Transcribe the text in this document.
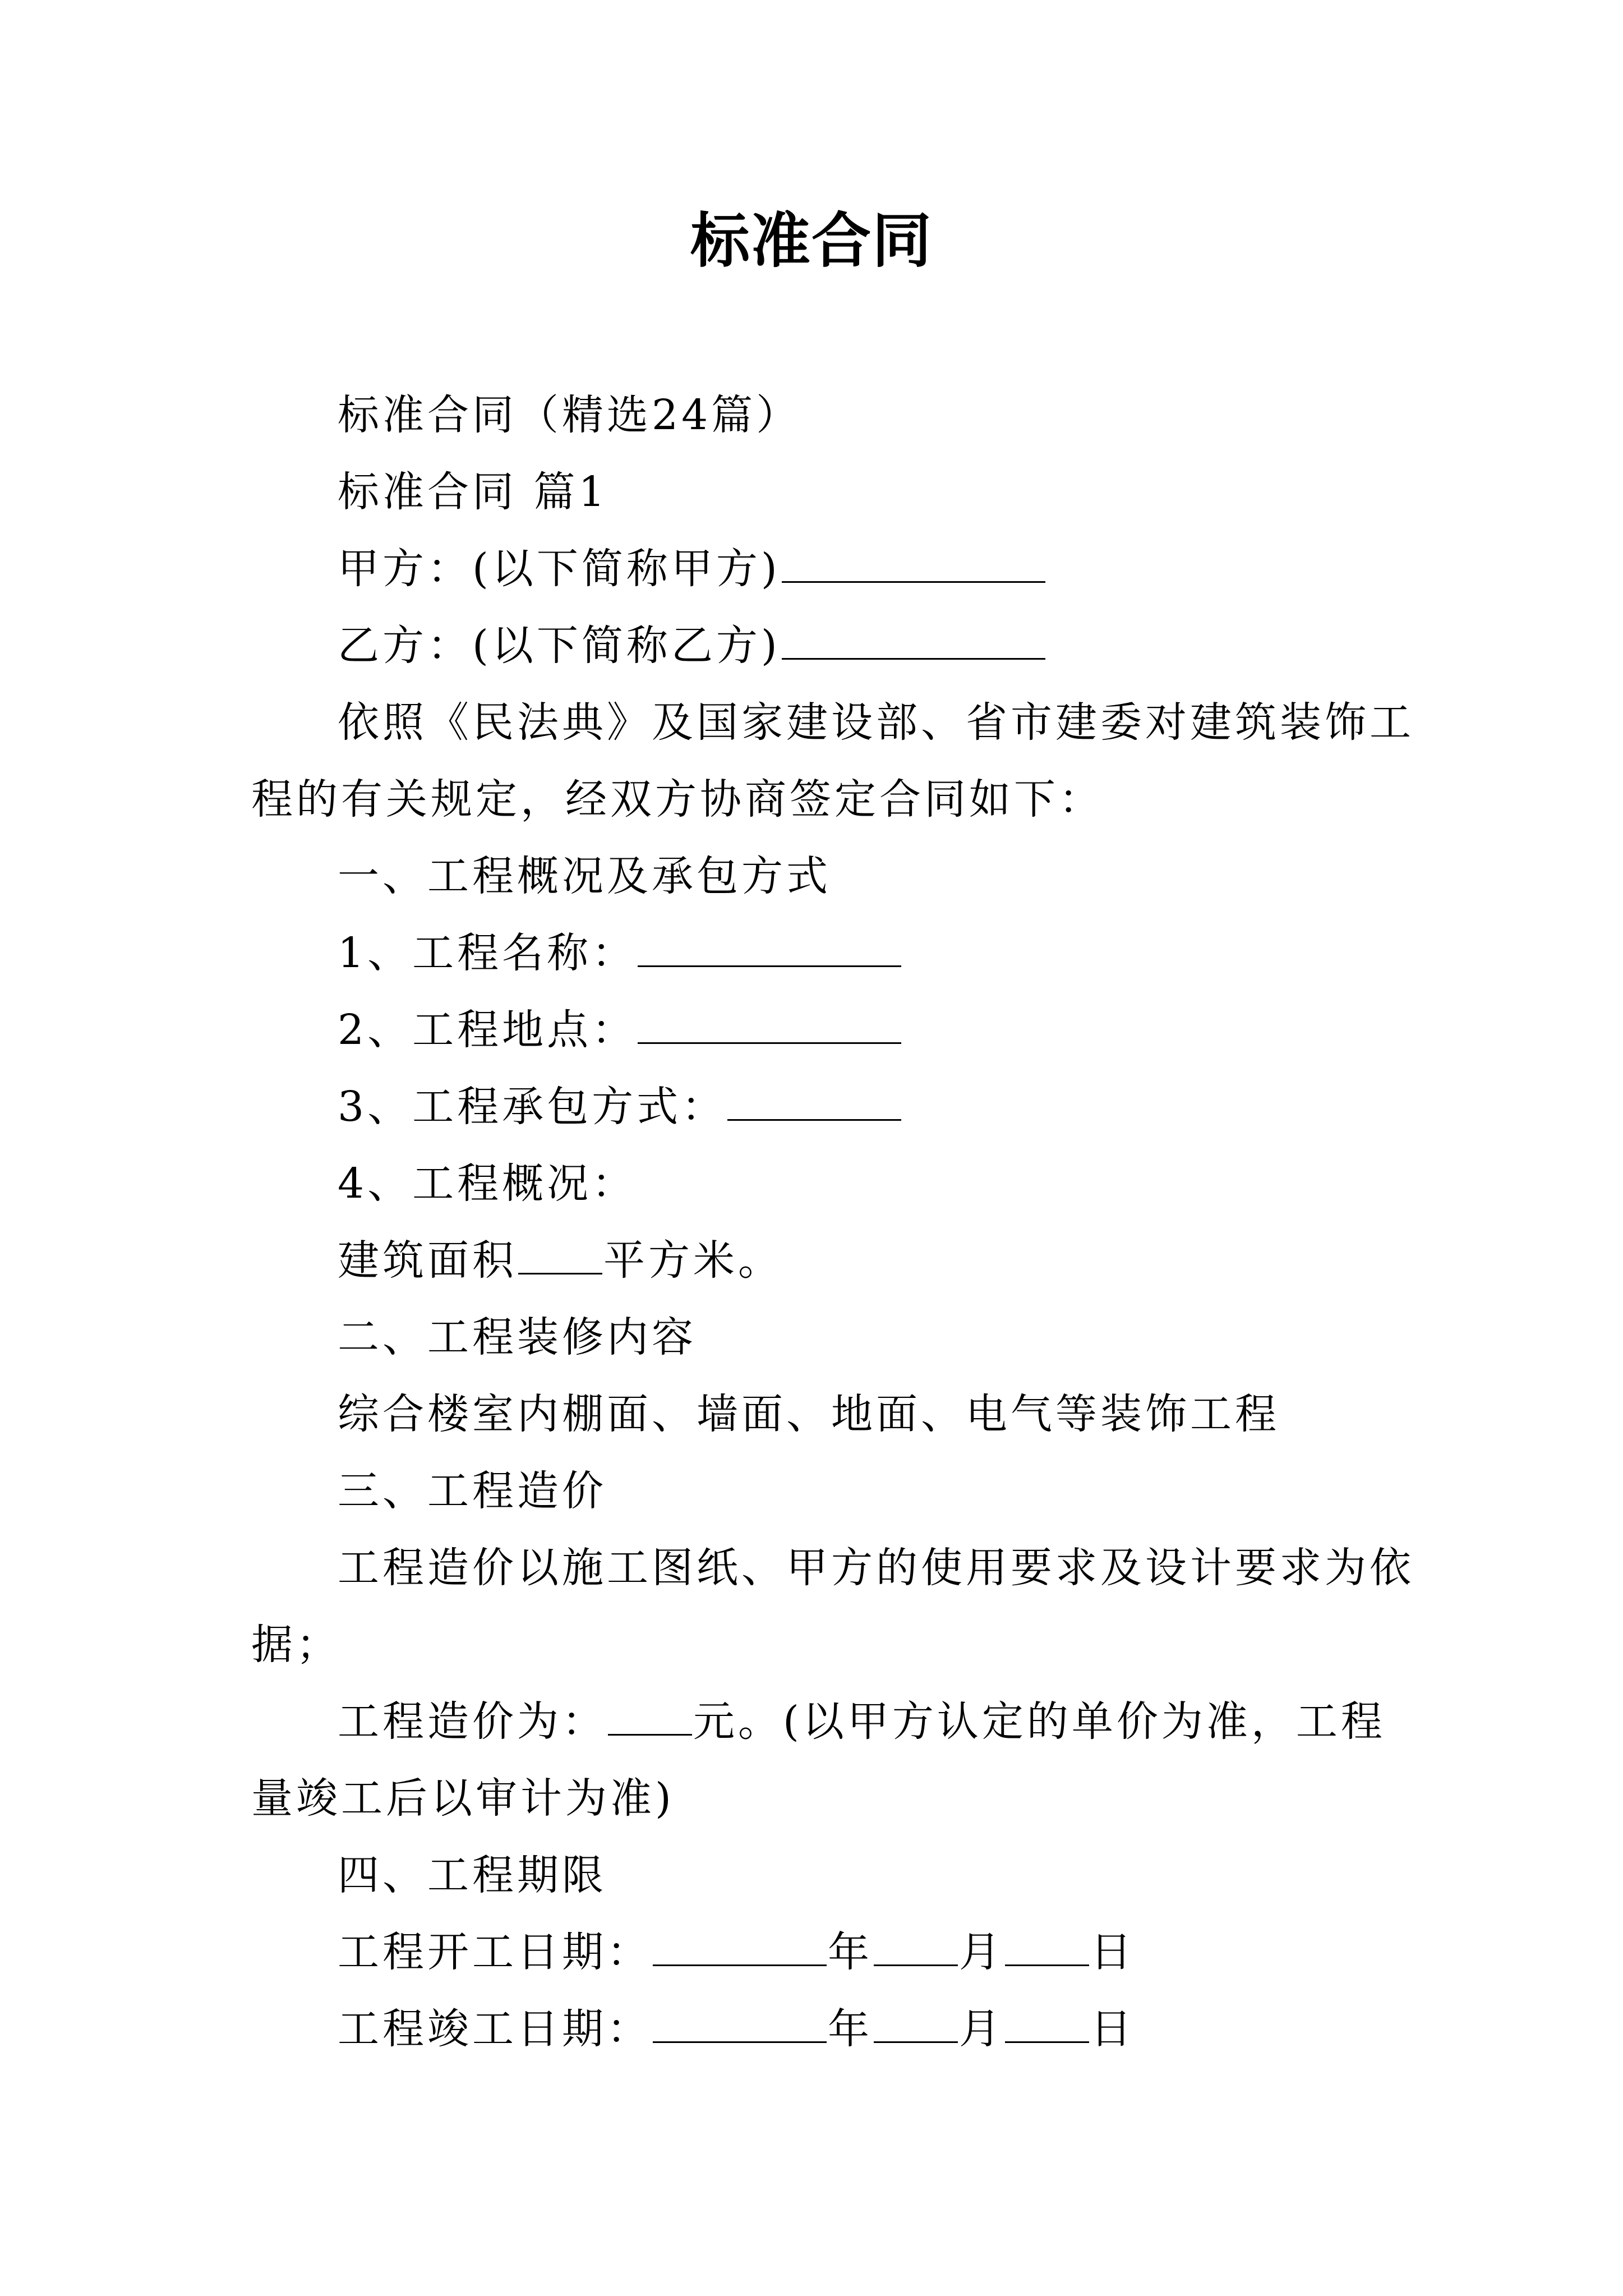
标准合同
标准合同（精选24篇）
标准合同 篇1
甲方：(以下简称甲方)
乙方：(以下简称乙方)
依照《民法典》及国家建设部、省市建委对建筑装饰工
程的有关规定，经双方协商签定合同如下：
一、工程概况及承包方式
1、工程名称：
2、工程地点：
3、工程承包方式：
4、工程概况：
建筑面积 平方米。
二、工程装修内容
综合楼室内棚面、墙面、地面、电气等装饰工程
三、工程造价
工程造价以施工图纸、甲方的使用要求及设计要求为依
据；
工程造价为： 元。(以甲方认定的单价为准，工程
量竣工后以审计为准)
四、工程期限
工程开工日期：	年 月 日
工程竣工日期：	年 月 日
